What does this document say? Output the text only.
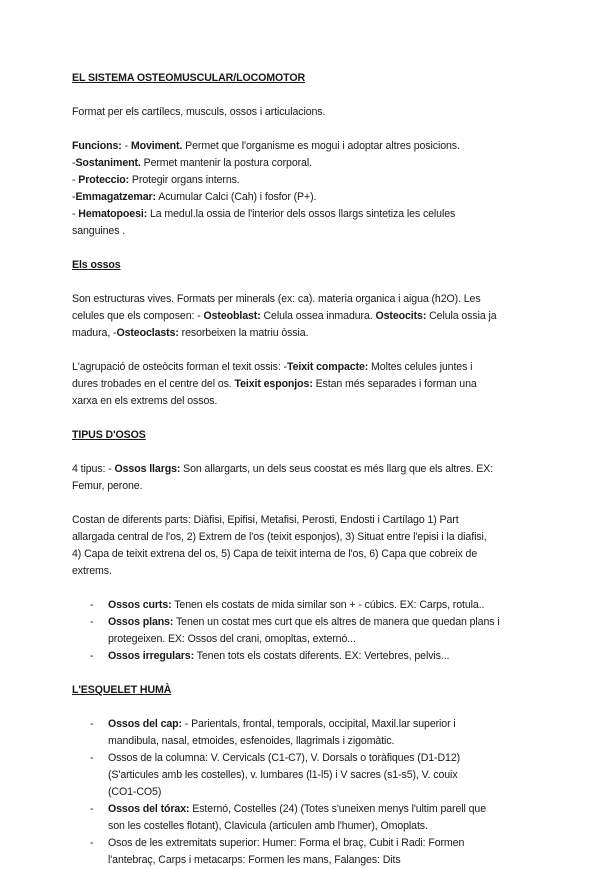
EL SISTEMA OSTEOMUSCULAR/LOCOMOTOR
Format per els cartílecs, musculs, ossos i articulacions.
Funcions: - Moviment. Permet que l'organisme es mogui i adoptar altres posicions.
-Sostaniment. Permet mantenir la postura corporal.
- Proteccio: Protegir organs interns.
-Emmagatzemar: Acumular Calci (Cah) i fosfor (P+).
- Hematopoesi: La medul.la ossia de l'interior dels ossos llargs sintetiza les celules
sanguines .
Els ossos
Son estructuras vives. Formats per minerals (ex: ca). materia organica i aigua (h2O). Les
celules que els composen: - Osteoblast: Celula ossea inmadura. Osteocits: Celula ossia ja
madura, -Osteoclasts: resorbeixen la matriu òssia.
L'agrupació de osteòcits forman el texit ossis: -Teixit compacte: Moltes celules juntes i
dures trobades en el centre del os. Teixit esponjos: Estan més separades i forman una
xarxa en els extrems del ossos.
TIPUS D'OSOS
4 tipus: - Ossos llargs: Son allargarts, un dels seus coostat es més llarg que els altres. EX:
Femur, perone.
Costan de diferents parts: Diàfisi, Epifisi, Metafisi, Perosti, Endosti i Cartílago 1) Part
allargada central de l'os, 2) Extrem de l'os (teixit esponjos), 3) Situat entre l'episi i la diafisi,
4) Capa de teixit extrena del os, 5) Capa de teixit interna de l'os, 6) Capa que cobreix de
extrems.
- Ossos curts: Tenen els costats de mida similar son + - cúbics. EX: Carps, rotula..
- Ossos plans: Tenen un costat mes curt que els altres de manera que quedan plans i
protegeixen. EX: Ossos del crani, omopltas, externó...
- Ossos irregulars: Tenen tots els costats diferents. EX: Vertebres, pelvis...
L'ESQUELET HUMÀ
- Ossos del cap: - Parientals, frontal, temporals, occipital, Maxil.lar superior i
mandibula, nasal, etmoides, esfenoides, llagrimals i zigomàtic.
- Ossos de la columna: V. Cervicals (C1-C7), V. Dorsals o toràfiques (D1-D12)
(S'articules amb les costelles), v. lumbares (l1-l5) i V sacres (s1-s5), V. couix
(CO1-CO5)
- Ossos del tórax: Esternó, Costelles (24) (Totes s'uneixen menys l'ultim parell que
son les costelles flotant), Clavicula (articulen amb l'humer), Omoplats.
- Osos de les extremitats superior: Humer: Forma el braç, Cubit i Radi: Formen
l'antebraç, Carps i metacarps: Formen les mans, Falanges: Dits
